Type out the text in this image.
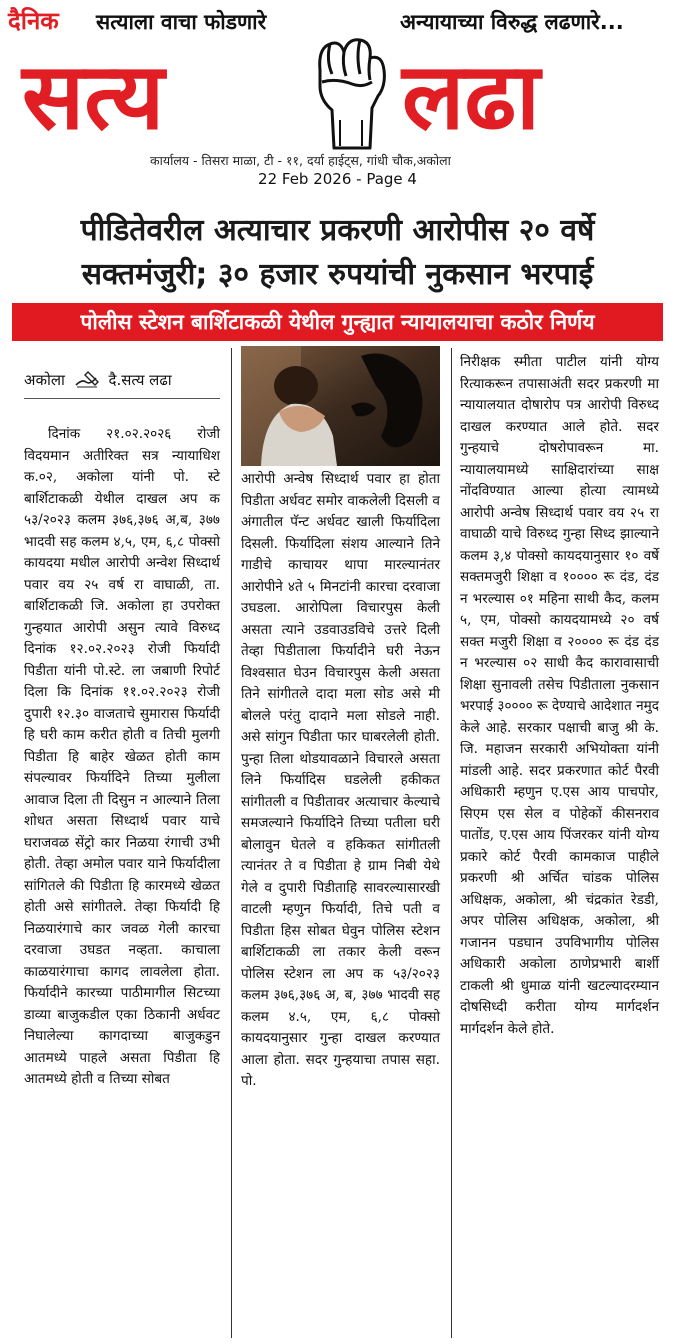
दैनिक सत्याला वाचा फोडणारे	अन्यायाच्या विरुद्ध लढणारे...
सत्य	लढा
कार्यालय - तिसरा माळा, टी - ११, दर्या हाईट्स, गांधी चौक,अकोला
22 Feb 2026 - Page 4
पीडितेवरील अत्याचार प्रकरणी आरोपीस २० वर्षे
सक्तमंजुरी; ३० हजार रुपयांची नुकसान भरपाई
पोलीस स्टेशन बार्शिटाकळी येथील गुन्ह्यात न्यायालयाचा कठोर निर्णय
अकोला	दै.सत्य लढा

दिनांक २१.०२.२०२६ रोजी विदयमान अतीरिक्त सत्र न्यायाधिश क.०२, अकोला यांनी पो. स्टे बार्शिटाकळी येथील दाखल अप क ५३/२०२३ कलम ३७६,३७६ अ,ब, ३७७ भादवी सह कलम ४,५, एम, ६,८ पोक्सो कायदया मधील आरोपी अन्वेश सिध्दार्थ पवार वय २५ वर्ष रा वाघाळी, ता. बार्शिटाकळी जि. अकोला हा उपरोक्त गुन्हयात आरोपी असुन त्यावे विरुध्द दिनांक १२.०२.२०२३ रोजी फिर्यादी पिडीता यांनी पो.स्टे. ला जबाणी रिपोर्ट दिला कि दिनांक ११.०२.२०२३ रोजी दुपारी १२.३० वाजताचे सुमारास फिर्यादी हि घरी काम करीत होती व तिची मुलगी पिडीता हि बाहेर खेळत होती काम संपल्यावर फिर्यादिने तिच्या मुलीला आवाज दिला ती दिसुन न आल्याने तिला शोधत असता सिध्दार्थ पवार याचे घराजवळ सेंट्रो कार निळया रंगाची उभी होती. तेव्हा अमोल पवार याने फिर्यादीला सांगितले की पिडीता हि कारमध्ये खेळत होती असे सांगीतले. तेव्हा फिर्यादी हि निळयारंगाचे कार जवळ गेली कारचा दरवाजा उघडत नव्हता. काचाला काळयारंगाचा कागद लावलेला होता. फिर्यादीने कारच्या पाठीमागील सिटच्या डाव्या बाजुकडील एका ठिकानी अर्धवट निघालेल्या कागदाच्या बाजुकडुन आतमध्ये पाहले असता पिडीता हि आतमध्ये होती व तिच्या सोबत

आरोपी अन्वेष सिध्दार्थ पवार हा होता पिडीता अर्धवट समोर वाकलेली दिसली व अंगातील पॅन्ट अर्धवट खाली फिर्यादिला दिसली. फिर्यादिला संशय आल्याने तिने गाडीचे काचायर थापा मारल्यानंतर आरोपीने ४ते ५ मिनटांनी कारचा दरवाजा उघडला. आरोपिला विचारपुस केली असता त्याने उडवाउडविचे उत्तरे दिली तेव्हा पिडीताला फिर्यादीने घरी नेऊन विश्वसात घेउन विचारपुस केली असता तिने सांगीतले दादा मला सोड असे मी बोलले परंतु दादाने मला सोडले नाही. असे सांगुन पिडीता फार घाबरलेली होती. पुन्हा तिला थोडयावळाने विचारले असता लिने फिर्यादिस घडलेली हकीकत सांगीतली व पिडीतावर अत्याचार केल्याचे समजल्याने फिर्यादिने तिच्या पतीला घरी बोलावुन घेतले व हकिकत सांगीतली त्यानंतर ते व पिडीता हे ग्राम निबी येथे गेले व दुपारी पिडीताहि सावरल्यासारखी वाटली म्हणुन फिर्यादी, तिचे पती व पिडीता हिस सोबत घेवुन पोलिस स्टेशन बार्शिटाकळी ला तकार केली वरून पोलिस स्टेशन ला अप क ५३/२०२३ कलम ३७६,३७६ अ, ब, ३७७ भादवी सह कलम ४.५, एम, ६,८ पोक्सो कायदयानुसार गुन्हा दाखल करण्यात आला होता. सदर गुन्हयाचा तपास सहा. पो.

निरीक्षक स्मीता पाटील यांनी योग्य रित्याकरून तपासाअंती सदर प्रकरणी मा न्यायालयात दोषारोप पत्र आरोपी विरुध्द दाखल करण्यात आले होते. सदर गुन्हयाचे दोषरोपावरून मा. न्यायालयामध्ये साक्षिदारांच्या साक्ष नोंदविण्यात आल्या होत्या त्यामध्ये आरोपी अन्वेष सिध्दार्थ पवार वय २५ रा वाघाळी याचे विरुध्द गुन्हा सिध्द झाल्याने कलम ३,४ पोक्सो कायदयानुसार १० वर्षे सक्तमजुरी शिक्षा व १०००० रू दंड, दंड न भरल्यास ०१ महिना साथी कैद, कलम ५, एम, पोक्सो कायदयामध्ये २० वर्ष सक्त मजुरी शिक्षा व २०००० रू दंड दंड न भरल्यास ०२ साधी कैद कारावासाची शिक्षा सुनावली तसेच पिडीताला नुकसान भरपाई ३०००० रू देण्याचे आदेशात नमुद केले आहे. सरकार पक्षाची बाजु श्री के. जि. महाजन सरकारी अभियोक्ता यांनी मांडली आहे. सदर प्रकरणात कोर्ट पैरवी अधिकारी म्हणुन ए.एस आय पाचपोर, सिएम एस सेल व पोहेकों कीसनराव पातोंड, ए.एस आय पिंजरकर यांनी योग्य प्रकारे कोर्ट पैरवी कामकाज पाहीले प्रकरणी श्री अर्चित चांडक पोलिस अधिक्षक, अकोला, श्री चंद्रकांत रेडडी, अपर पोलिस अधिक्षक, अकोला, श्री गजानन पडघान उपविभागीय पोलिस अधिकारी अकोला ठाणेप्रभारी बार्शी टाकली श्री धुमाळ यांनी खटल्यादरम्यान दोषसिध्दी करीता योग्य मार्गदर्शन मार्गदर्शन केले होते.
